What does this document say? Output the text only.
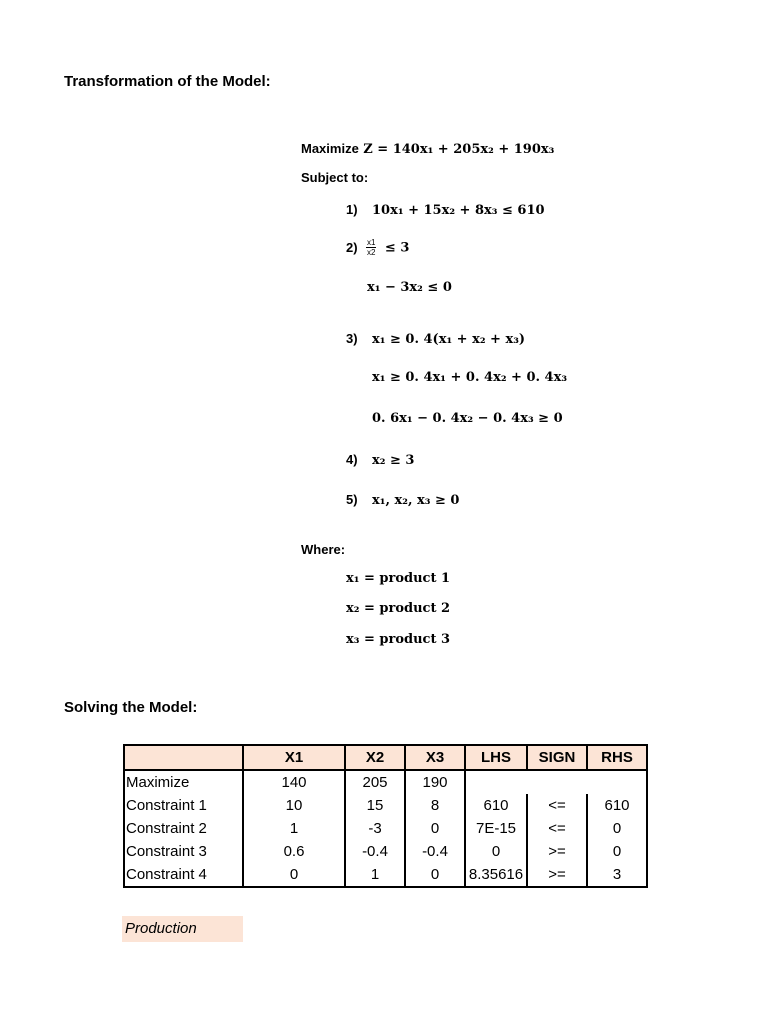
Transformation of the Model:
Maximize Z = 140x₁ + 205x₂ + 190x₃
Subject to:
1) 10x₁ + 15x₂ + 8x₃ ≤ 610
$2) \frac{x1}{x2} \le 3$
x₁ − 3x₂ ≤ 0
3) x₁ ≥ 0. 4(x₁ + x₂ + x₃)
x₁ ≥ 0. 4x₁ + 0. 4x₂ + 0. 4x₃
0. 6x₁ − 0. 4x₂ − 0. 4x₃ ≥ 0
4) x₂ ≥ 3
5) x₁, x₂, x₃ ≥ 0
Where:
x₁ = product 1
x₂ = product 2
x₃ = product 3
Solving the Model:
	X1	X2	X3	LHS	SIGN	RHS
Maximize	140	205	190			
Constraint 1	10	15	8	610	<=	610
Constraint 2	1	-3	0	7E-15	<=	0
Constraint 3	0.6	-0.4	-0.4	0	>=	0
Constraint 4	0	1	0	8.35616	>=	3
Production
